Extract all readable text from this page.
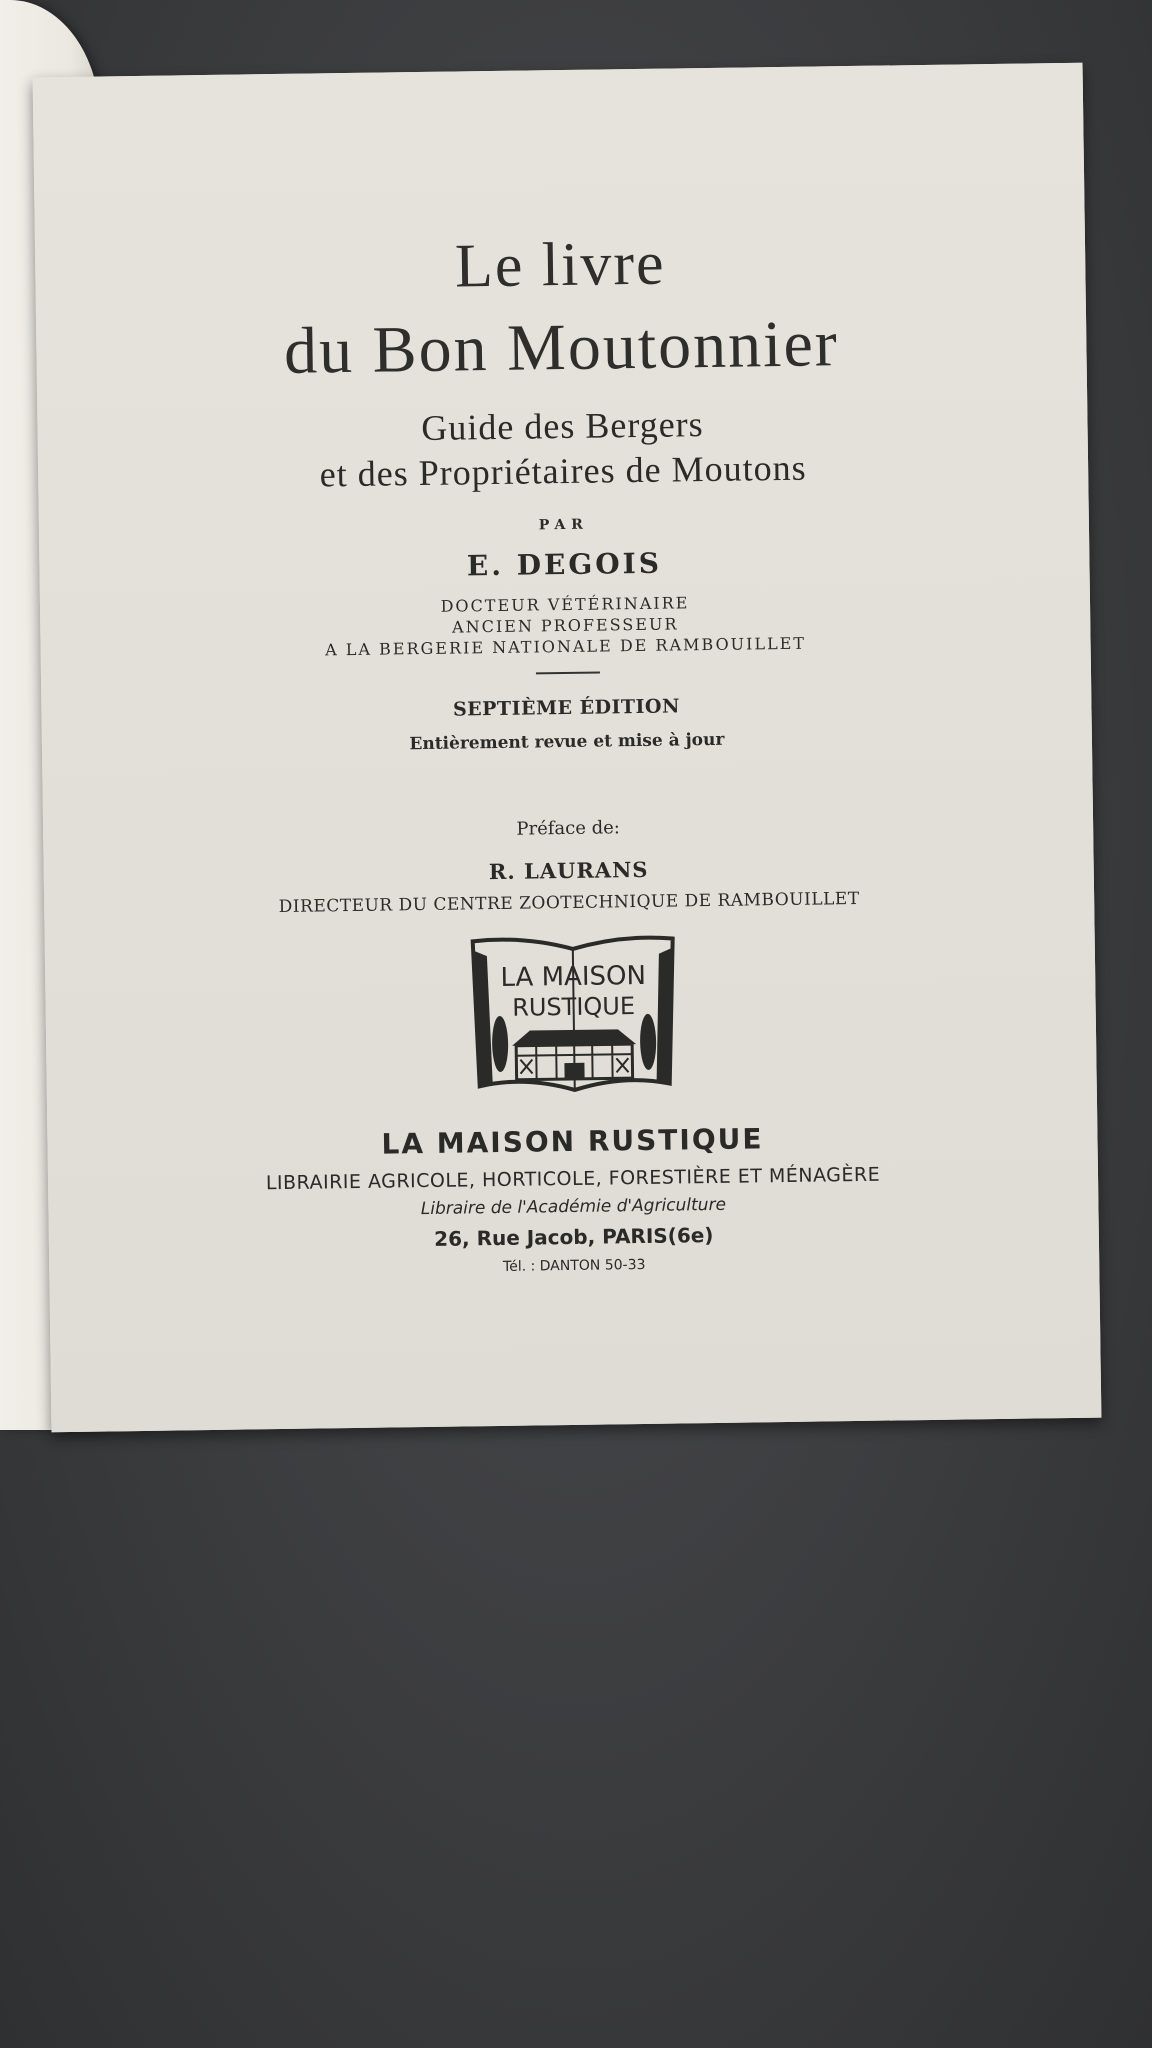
Le livre
du Bon Moutonnier
Guide des Bergers
et des Propriétaires de Moutons
PAR
E. DEGOIS
DOCTEUR VÉTÉRINAIRE
ANCIEN PROFESSEUR
A LA BERGERIE NATIONALE DE RAMBOUILLET
SEPTIÈME ÉDITION
Entièrement revue et mise à jour
Préface de:
R. LAURANS
DIRECTEUR DU CENTRE ZOOTECHNIQUE DE RAMBOUILLET
LA MAISON
RUSTIQUE
LA MAISON RUSTIQUE
LIBRAIRIE AGRICOLE, HORTICOLE, FORESTIÈRE ET MÉNAGÈRE
Libraire de l'Académie d'Agriculture
26, Rue Jacob, PARIS(6e)
Tél. : DANTON 50-33
